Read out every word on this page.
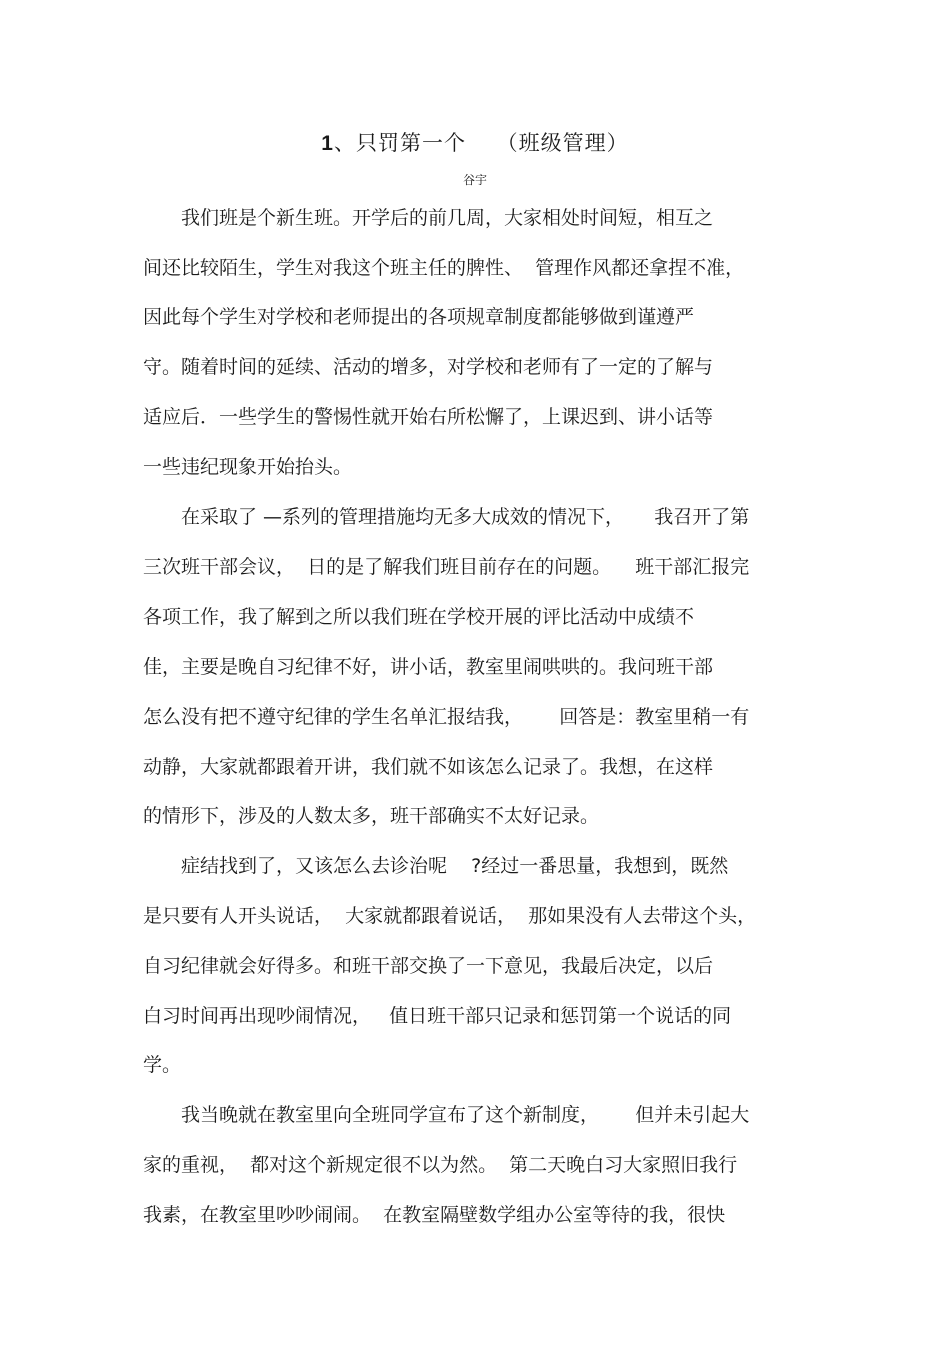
1、只罚第一个    （班级管理）
谷宇
我们班是个新生班。开学后的前几周，大家相处时间短，相互之
间还比较陌生，学生对我这个班主任的脾性、  管理作风都还拿捏不准，
因此每个学生对学校和老师提出的各项规章制度都能够做到谨遵严
守。随着时间的延续、活动的增多，对学校和老师有了一定的了解与
适应后．一些学生的警惕性就开始右所松懈了，上课迟到、讲小话等
一些违纪现象开始抬头。
在采取了 —系列的管理措施均无多大成效的情况下，     我召开了第
三次班干部会议，  日的是了解我们班目前存在的问题。    班干部汇报完
各项工作，我了解到之所以我们班在学校开展的评比活动中成绩不
佳，主要是晚自习纪律不好，讲小话，教室里闹哄哄的。我问班干部
怎么没有把不遵守纪律的学生名单汇报结我，      回答是：教室里稍一有
动静，大家就都跟着开讲，我们就不如该怎么记录了。我想，在这样
的情形下，涉及的人数太多，班干部确实不太好记录。
症结找到了，又该怎么去诊治呢    ?经过一番思量，我想到，既然
是只要有人开头说话，  大家就都跟着说话，  那如果没有人去带这个头，
自习纪律就会好得多。和班干部交换了一下意见，我最后决定，以后
白习时间再出现吵闹情况，   值日班干部只记录和惩罚第一个说话的同
学。
我当晚就在教室里向全班同学宣布了这个新制度，      但并未引起大
家的重视，  都对这个新规定很不以为然。  第二天晚白习大家照旧我行
我素，在教室里吵吵闹闹。  在教室隔壁数学组办公室等待的我，很快
